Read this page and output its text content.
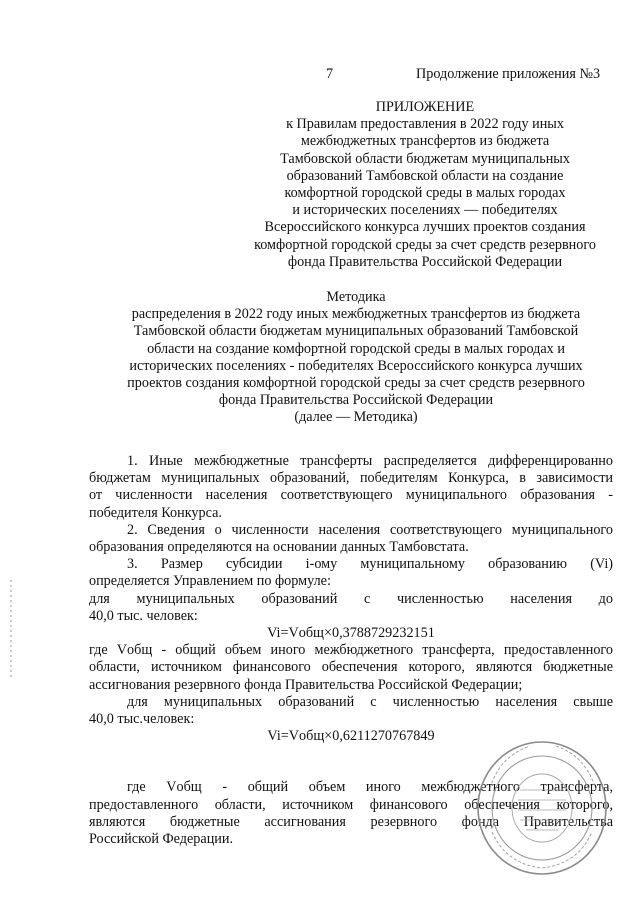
7	Продолжение приложения №3
ПРИЛОЖЕНИЕ
к Правилам предоставления в 2022 году иных
межбюджетных трансфертов из бюджета
Тамбовской области бюджетам муниципальных
образований Тамбовской области на создание
комфортной городской среды в малых городах
и исторических поселениях — победителях
Всероссийского конкурса лучших проектов создания
комфортной городской среды за счет средств резервного
фонда Правительства Российской Федерации
Методика
распределения в 2022 году иных межбюджетных трансфертов из бюджета
Тамбовской области бюджетам муниципальных образований Тамбовской
области на создание комфортной городской среды в малых городах и
исторических поселениях - победителях Всероссийского конкурса лучших
проектов создания комфортной городской среды за счет средств резервного
фонда Правительства Российской Федерации
(далее — Методика)
1. Иные межбюджетные трансферты распределяется дифференцированно
бюджетам муниципальных образований, победителям Конкурса, в зависимости
от численности населения соответствующего муниципального образования -
победителя Конкурса.
2. Сведения о численности населения соответствующего муниципального
образования определяются на основании данных Тамбовстата.
3. Размер субсидии i-ому муниципальному образованию (Vi)
определяется Управлением по формуле:
для муниципальных образований с численностью населения до
40,0 тыс. человек:
Vi=Vобщ×0,3788729232151
где Vобщ - общий объем иного межбюджетного трансферта, предоставленного
области, источником финансового обеспечения которого, являются бюджетные
ассигнования резервного фонда Правительства Российской Федерации;
для муниципальных образований с численностью населения свыше
40,0 тыс.человек:
Vi=Vобщ×0,6211270767849
где Vобщ - общий объем иного межбюджетного трансферта,
предоставленного области, источником финансового обеспечения которого,
являются бюджетные ассигнования резервного фонда Правительства
Российской Федерации.
